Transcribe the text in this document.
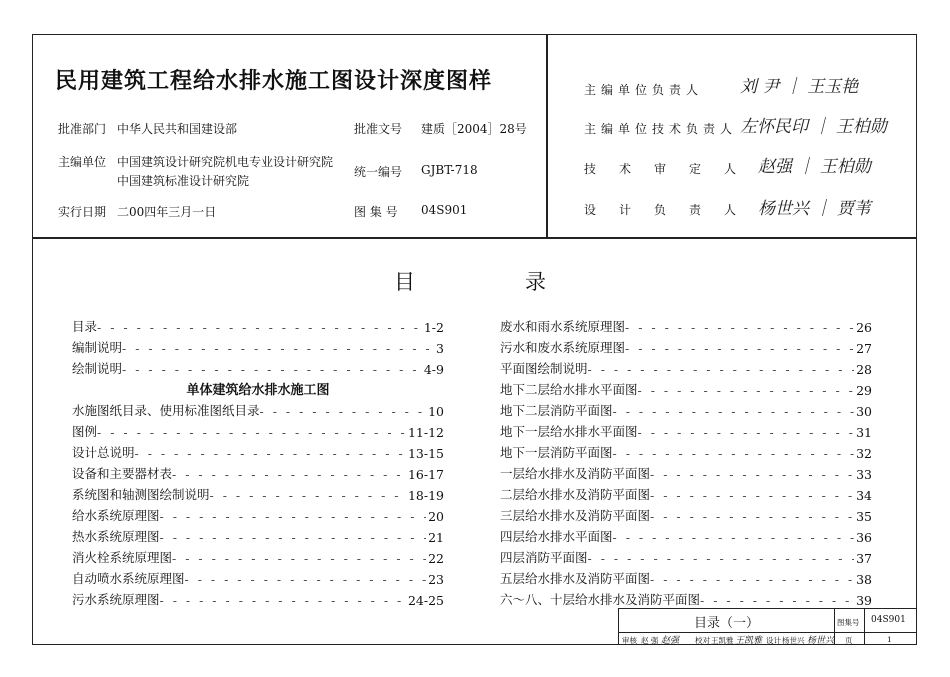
民用建筑工程给水排水施工图设计深度图样
批准部门 中华人民共和国建设部	批准文号 建质［2004］28号
主编单位 中国建筑设计研究院机电专业设计研究院
中国建筑标准设计研究院
统一编号 GJBT-718
实行日期 二00四年三月一日	图 集 号 04S901
主编单位负责人 刘 尹 ｜ 王玉艳
主编单位技术负责人 左怀民印 ｜ 王柏勋
技术审定人
赵强 ｜ 王柏勋
设计负责人
杨世兴 ｜ 贾苇
目	录
目录 - - -	1-2
编制说明 - - -	3
绘制说明 - - -	4-9
单体建筑给水排水施工图
水施图纸目录、使用标准图纸目录 - - -	10
图例 - - -	11-12
设计总说明 - - -	13-15
设备和主要器材表 - - -	16-17
系统图和轴测图绘制说明 - - -	18-19
给水系统原理图 - - -	20
热水系统原理图 - - -	21
消火栓系统原理图 - - -	22
自动喷水系统原理图 - - -	23
污水系统原理图 - - -	24-25
废水和雨水系统原理图 - - -	26
污水和废水系统原理图 - - -	27
平面图绘制说明 - - -	28
地下二层给水排水平面图 - - -	29
地下二层消防平面图 - - -	30
地下一层给水排水平面图 - - -	31
地下一层消防平面图 - - -	32
一层给水排水及消防平面图 - - -	33
二层给水排水及消防平面图 - - -	34
三层给水排水及消防平面图 - - -	35
四层给水排水平面图 - - -	36
四层消防平面图 - - -	37
五层给水排水及消防平面图 - - -	38
六～八、十层给水排水及消防平面图 - - -	39
目录（一）	图集号 04S901
审核 赵 强 赵强 校对 王凯雅 王凯雅 设计 杨世兴 杨世兴 页	1
